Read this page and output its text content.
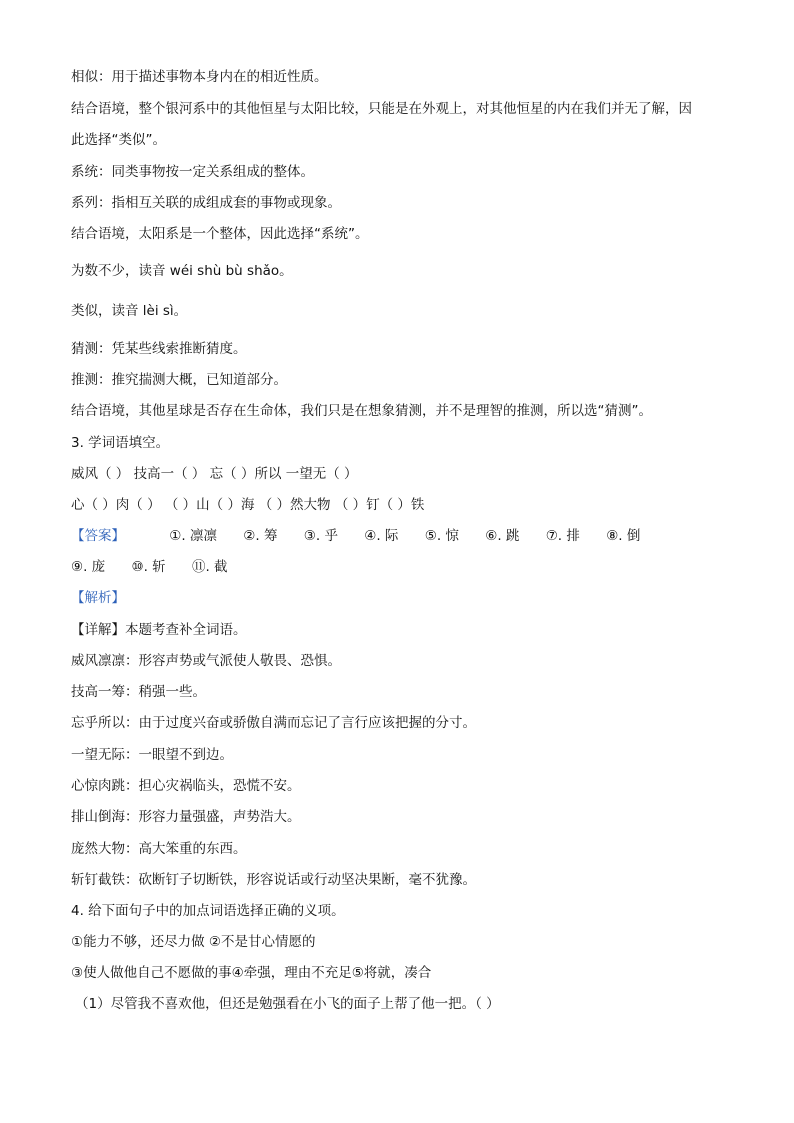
相似：用于描述事物本身内在的相近性质。
结合语境，整个银河系中的其他恒星与太阳比较，只能是在外观上，对其他恒星的内在我们并无了解，因
此选择“类似”。
系统：同类事物按一定关系组成的整体。
系列：指相互关联的成组成套的事物或现象。
结合语境，太阳系是一个整体，因此选择“系统”。
为数不少，读音 wéi shù bù shǎo。
类似，读音 lèi sì。
猜测：凭某些线索推断猜度。
推测：推究揣测大概，已知道部分。
结合语境，其他星球是否存在生命体，我们只是在想象猜测，并不是理智的推测，所以选“猜测”。
3. 学词语填空。
威风（ ） 技高一（ ） 忘（ ）所以 一望无（ ）
心（ ）肉（ ） （ ）山（ ）海 （ ）然大物 （ ）钉（ ）铁
【答案】	①. 凛凛 ②. 筹 ③. 乎 ④. 际 ⑤. 惊 ⑥. 跳 ⑦. 排 ⑧. 倒
⑨. 庞 ⑩. 斩 ⑪. 截
【解析】
【详解】本题考查补全词语。
威风凛凛：形容声势或气派使人敬畏、恐惧。
技高一筹：稍强一些。
忘乎所以：由于过度兴奋或骄傲自满而忘记了言行应该把握的分寸。
一望无际：一眼望不到边。
心惊肉跳：担心灾祸临头，恐慌不安。
排山倒海：形容力量强盛，声势浩大。
庞然大物：高大笨重的东西。
斩钉截铁：砍断钉子切断铁，形容说话或行动坚决果断，毫不犹豫。
4. 给下面句子中的加点词语选择正确的义项。
①能力不够，还尽力做 ②不是甘心情愿的
③使人做他自己不愿做的事④牵强，理由不充足⑤将就，凑合
（1）尽管我不喜欢他，但还是勉强看在小飞的面子上帮了他一把。（ ）
